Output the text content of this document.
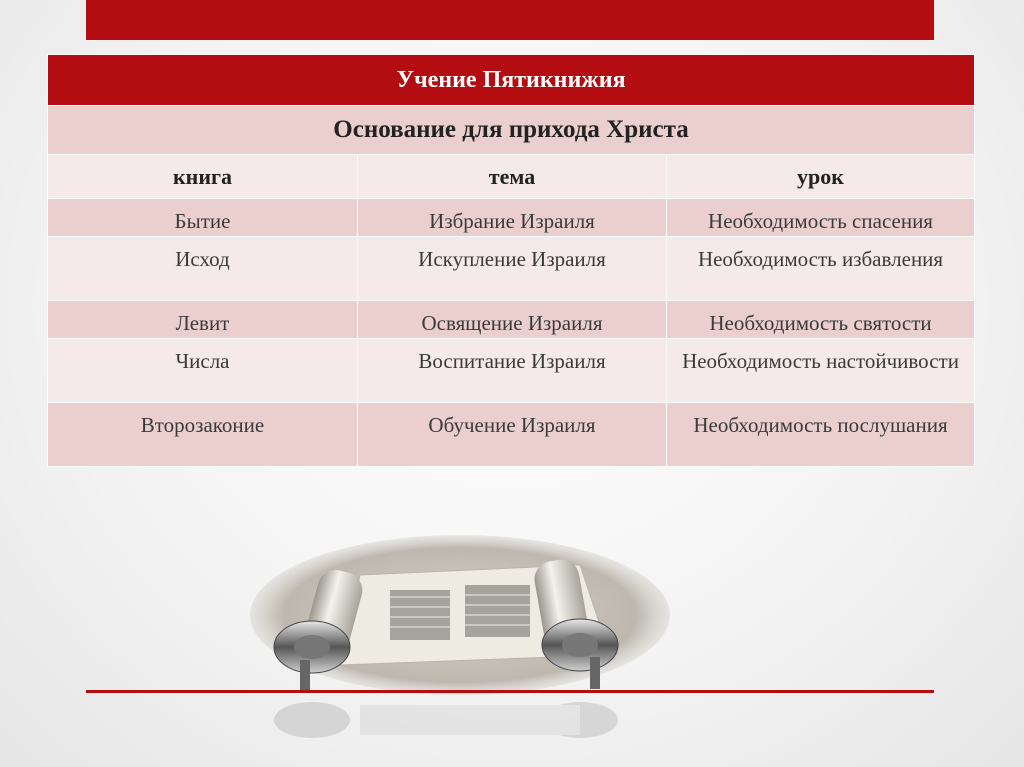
Учение Пятикнижия		
Основание для прихода Христа		
книга	тема	урок
Бытие	Избрание Израиля	Необходимость спасения
Исход	Искупление Израиля	Необходимость избавления
Левит	Освящение Израиля	Необходимость святости
Числа	Воспитание Израиля	Необходимость настойчивости
Второзаконие	Обучение Израиля	Необходимость послушания
